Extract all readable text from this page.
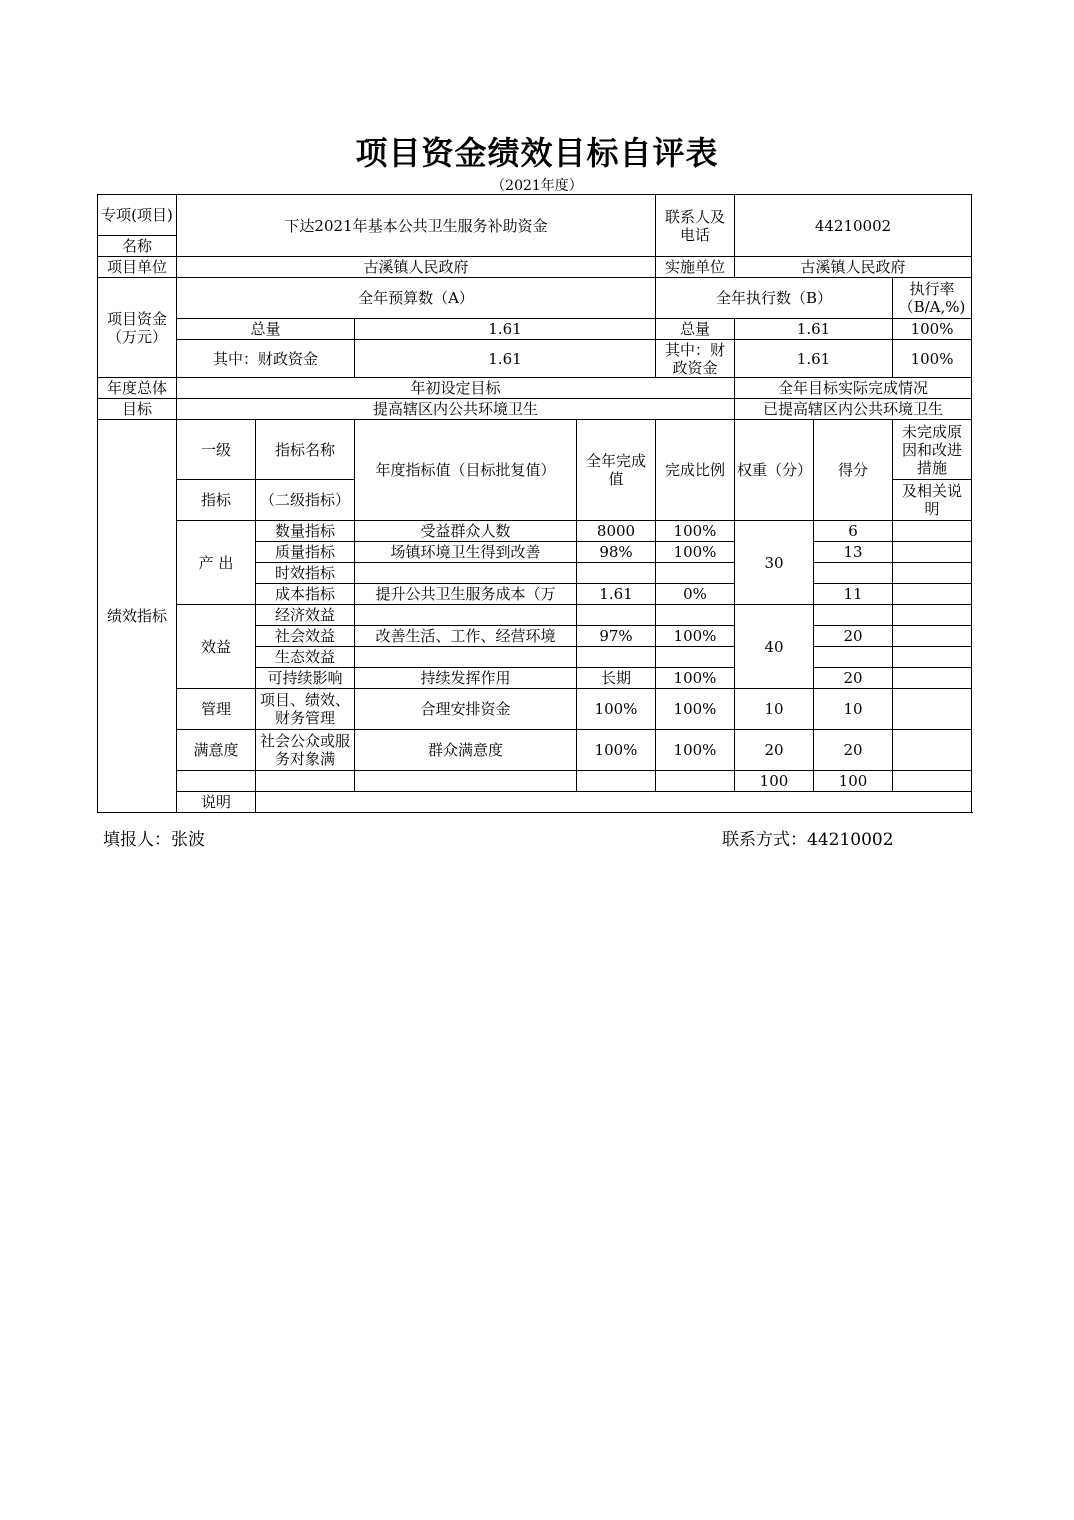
项目资金绩效目标自评表
（2021年度）
专项(项目)	下达2021年基本公共卫生服务补助资金				联系人及电话	44210002		
名称								
项目单位	古溪镇人民政府				实施单位	古溪镇人民政府		
项目资金（万元）	全年预算数（A）				全年执行数（B）			执行率（B/A,%)
	总量		1.61		总量	1.61		100%
	其中：财政资金		1.61		其中：财政资金	1.61		100%
年度总体	年初设定目标					全年目标实际完成情况		
目标	提高辖区内公共环境卫生					已提高辖区内公共环境卫生		
绩效指标	一级	指标名称	年度指标值（目标批复值）	全年完成值	完成比例	权重（分）	得分	未完成原因和改进措施
	指标	（二级指标）						及相关说明
	产 出	数量指标	受益群众人数	8000	100%	30	6	
		质量指标	场镇环境卫生得到改善	98%	100%		13	
		时效指标						
		成本指标	提升公共卫生服务成本（万	1.61	0%		11	
	效益	经济效益				40		
		社会效益	改善生活、工作、经营环境	97%	100%		20	
		生态效益						
		可持续影响	持续发挥作用	长期	100%		20	
	管理	项目、绩效、财务管理	合理安排资金	100%	100%	10	10	
	满意度	社会公众或服务对象满	群众满意度	100%	100%	20	20	
						100	100	
	说明							
填报人：张波	联系方式：44210002
